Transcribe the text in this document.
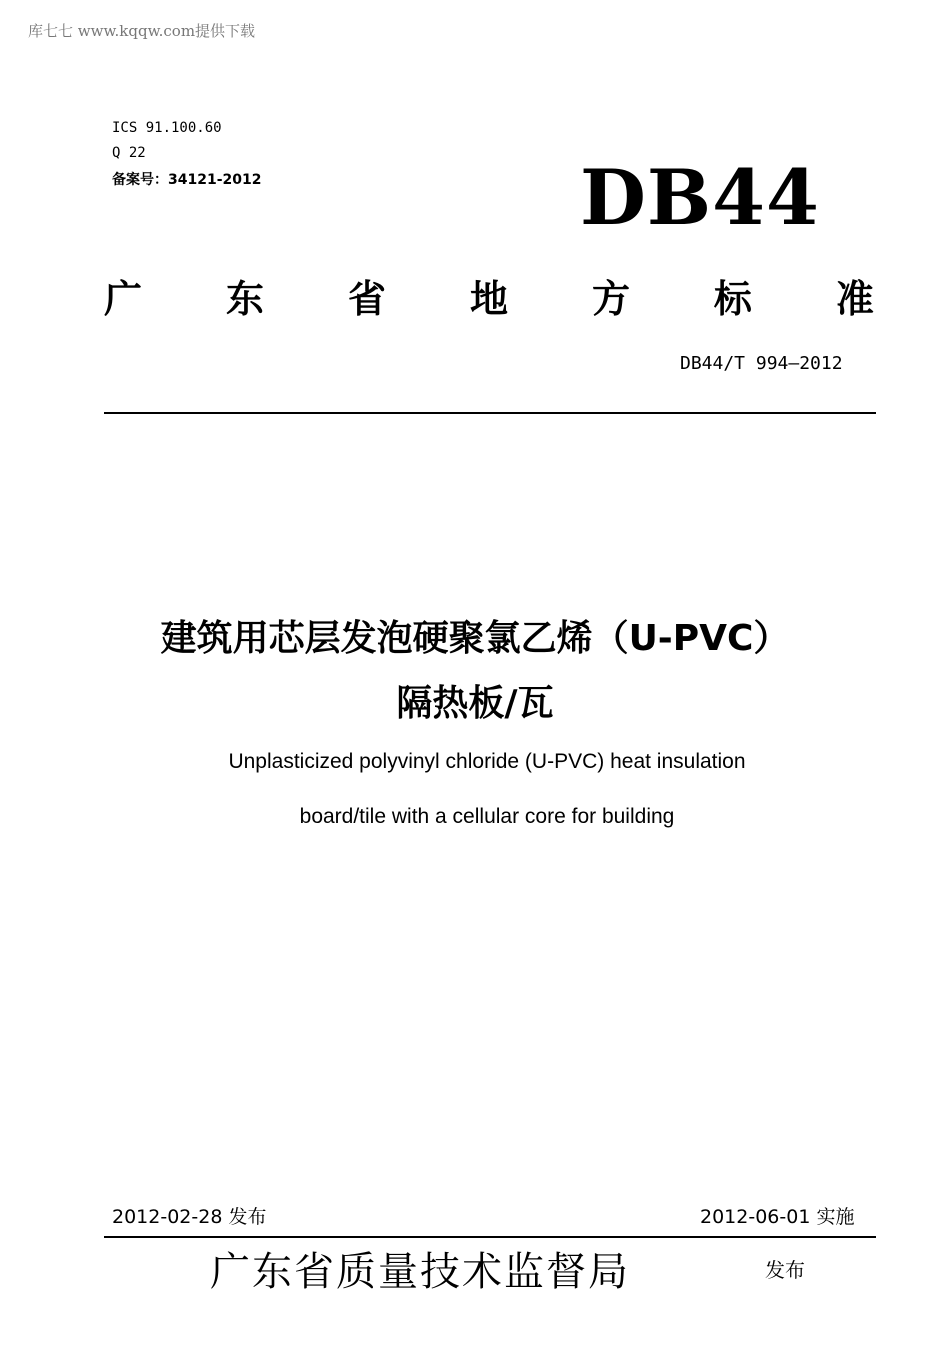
库七七 www.kqqw.com提供下载
ICS 91.100.60
Q 22
备案号：34121-2012	DB44
广 东 省 地 方 标 准
DB44/T 994—2012
建筑用芯层发泡硬聚氯乙烯（U-PVC）
隔热板/瓦
Unplasticized polyvinyl chloride (U-PVC) heat insulation
board/tile with a cellular core for building
2012-02-28 发布	2012-06-01 实施
广东省质量技术监督局	发布
